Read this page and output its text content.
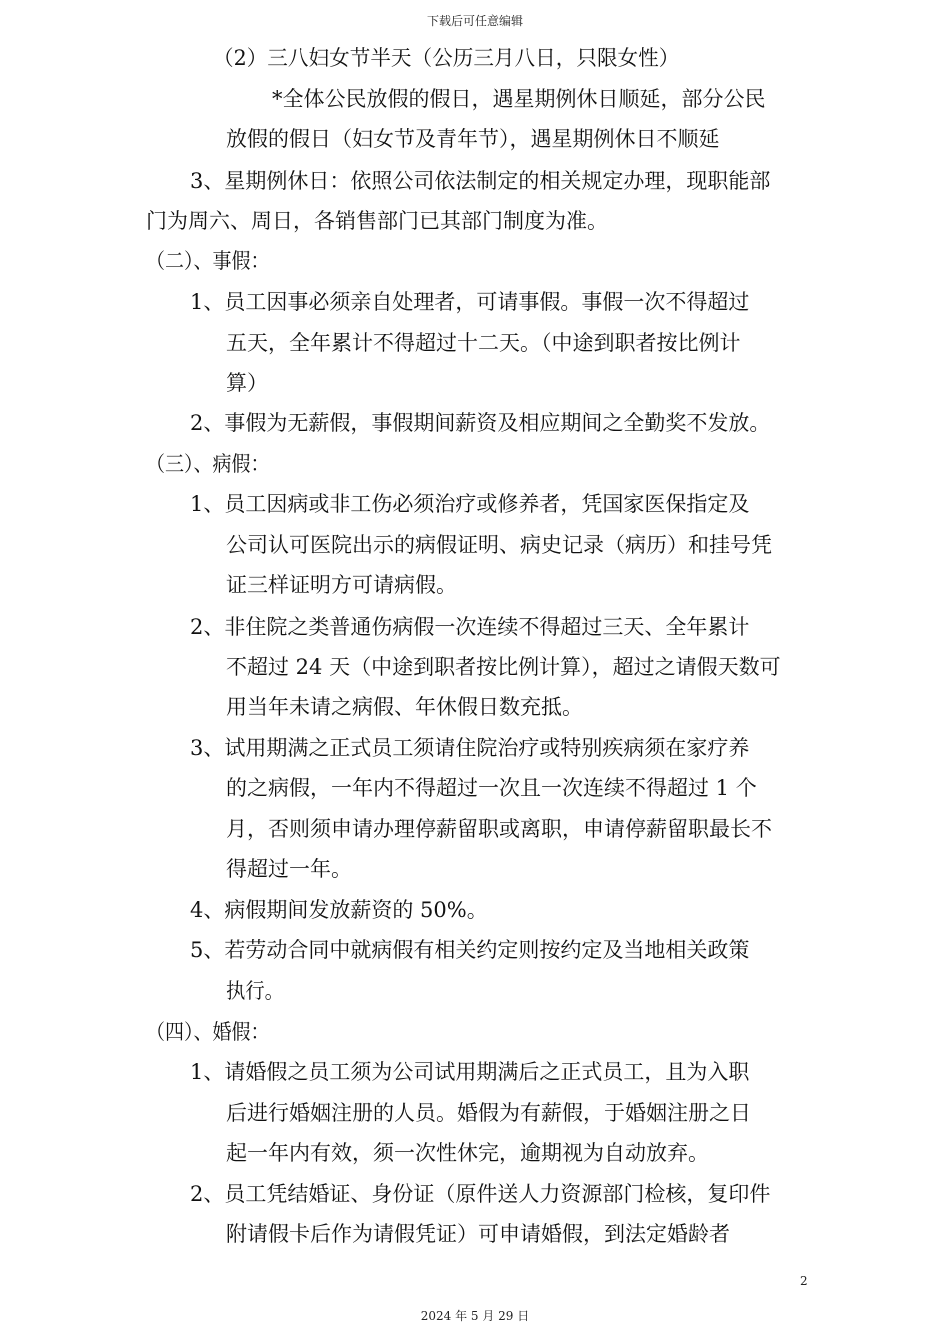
下载后可任意编辑
（2）三八妇女节半天（公历三月八日，只限女性）
*全体公民放假的假日，遇星期例休日顺延，部分公民
放假的假日（妇女节及青年节），遇星期例休日不顺延
3、星期例休日：依照公司依法制定的相关规定办理，现职能部
门为周六、周日，各销售部门已其部门制度为准。
（二）、事假：
1、员工因事必须亲自处理者，可请事假。事假一次不得超过
五天，全年累计不得超过十二天。（中途到职者按比例计
算）
2、事假为无薪假，事假期间薪资及相应期间之全勤奖不发放。
（三）、病假：
1、员工因病或非工伤必须治疗或修养者，凭国家医保指定及
公司认可医院出示的病假证明、病史记录（病历）和挂号凭
证三样证明方可请病假。
2、非住院之类普通伤病假一次连续不得超过三天、全年累计
不超过 24 天（中途到职者按比例计算），超过之请假天数可
用当年未请之病假、年休假日数充抵。
3、试用期满之正式员工须请住院治疗或特别疾病须在家疗养
的之病假，一年内不得超过一次且一次连续不得超过 1 个
月，否则须申请办理停薪留职或离职，申请停薪留职最长不
得超过一年。
4、病假期间发放薪资的 50%。
5、若劳动合同中就病假有相关约定则按约定及当地相关政策
执行。
（四）、婚假：
1、请婚假之员工须为公司试用期满后之正式员工，且为入职
后进行婚姻注册的人员。婚假为有薪假，于婚姻注册之日
起一年内有效，须一次性休完，逾期视为自动放弃。
2、员工凭结婚证、身份证（原件送人力资源部门检核，复印件
附请假卡后作为请假凭证）可申请婚假，到法定婚龄者
2
2024 年 5 月 29 日
